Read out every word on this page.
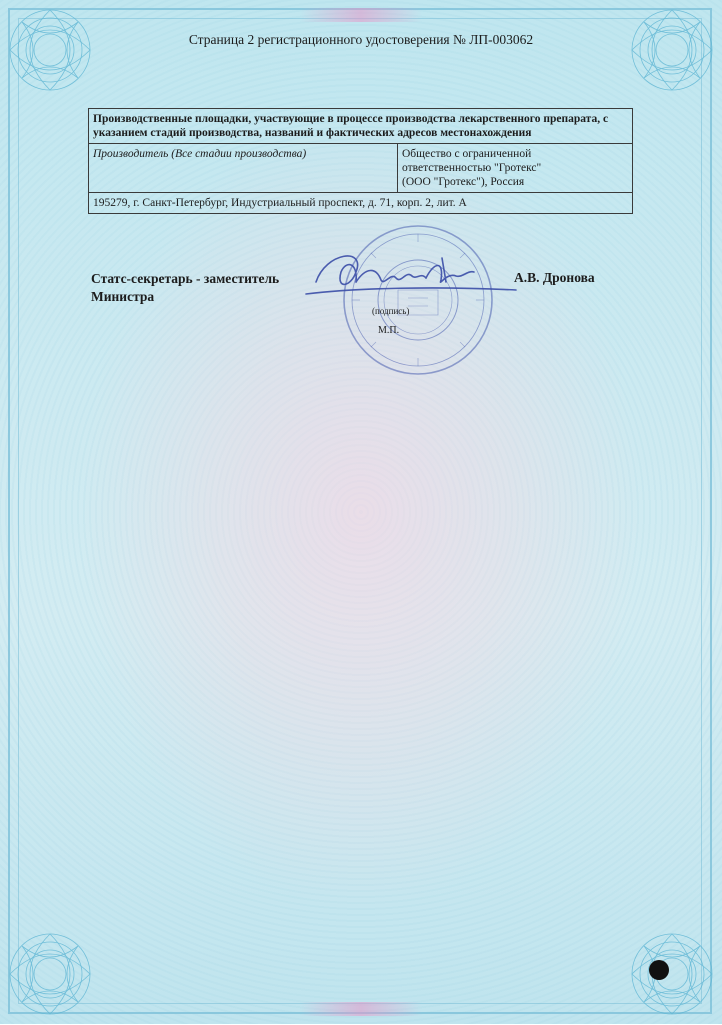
Страница 2 регистрационного удостоверения № ЛП-003062
Производственные площадки, участвующие в процессе производства лекарственного препарата, с указанием стадий производства, названий и фактических адресов местонахождения
Производитель (Все стадии производства)	Общество с ограниченной
ответственностью "Гротекс"
(ООО "Гротекс"), Россия

195279, г. Санкт-Петербург, Индустриальный проспект, д. 71, корп. 2, лит. А
Статс-секретарь - заместитель
Министра
А.В. Дронова
(подпись)
М.П.
